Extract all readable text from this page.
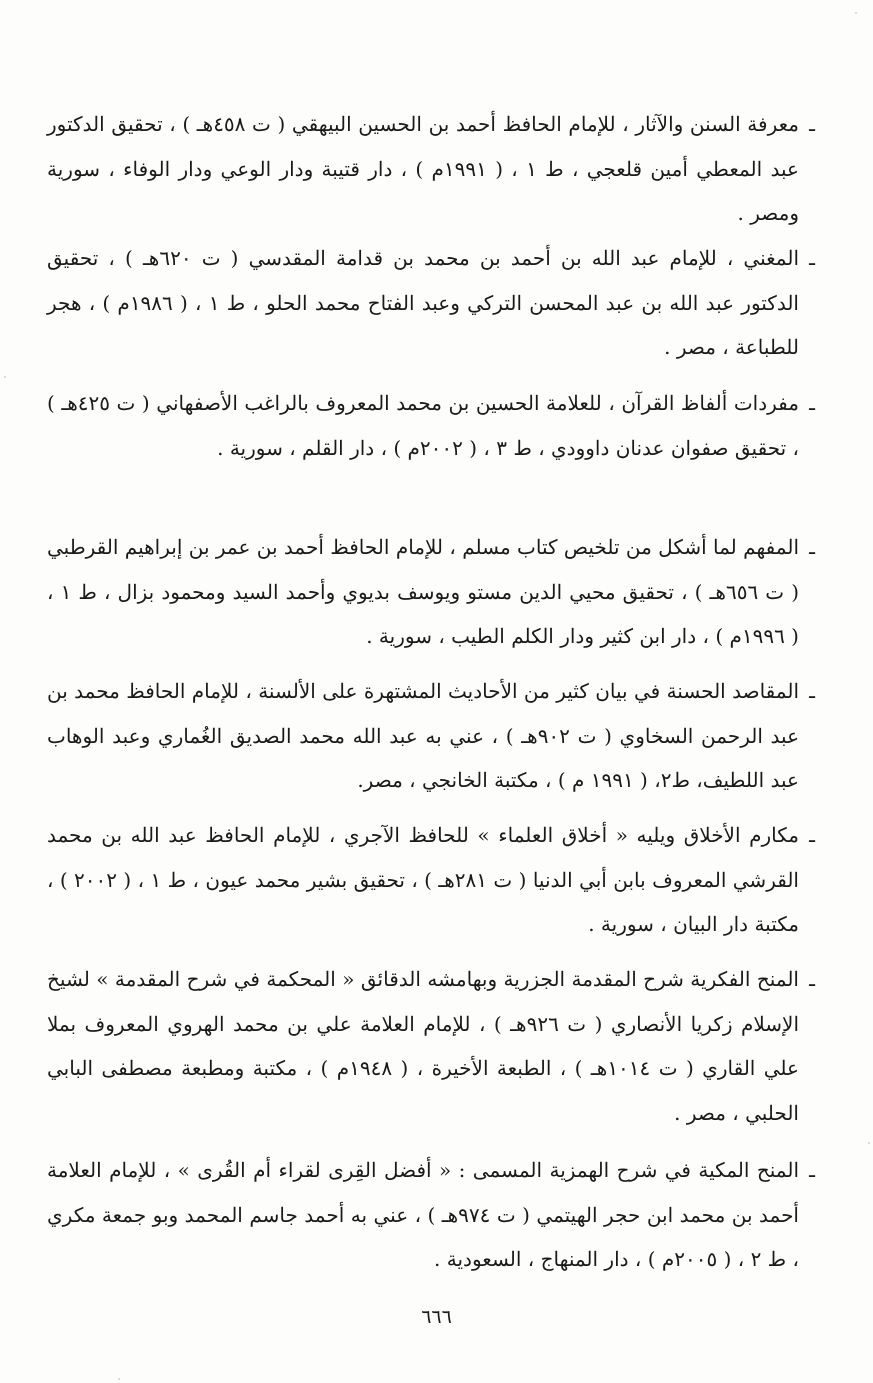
ـ
معرفة السنن والآثار ، للإمام الحافظ أحمد بن الحسين البيهقي ( ت ٤٥٨هـ ) ، تحقيق الدكتور عبد المعطي أمين قلعجي ، ط ١ ، ( ١٩٩١م ) ، دار قتيبة ودار الوعي ودار الوفاء ، سورية ومصر .

ـ
المغني ، للإمام عبد الله بن أحمد بن محمد بن قدامة المقدسي ( ت ٦٢٠هـ ) ، تحقيق الدكتور عبد الله بن عبد المحسن التركي وعبد الفتاح محمد الحلو ، ط ١ ، ( ١٩٨٦م ) ، هجر للطباعة ، مصر .

ـ
مفردات ألفاظ القرآن ، للعلامة الحسين بن محمد المعروف بالراغب الأصفهاني ( ت ٤٢٥هـ ) ، تحقيق صفوان عدنان داوودي ، ط ٣ ، ( ٢٠٠٢م ) ، دار القلم ، سورية .

ـ
المفهم لما أشكل من تلخيص كتاب مسلم ، للإمام الحافظ أحمد بن عمر بن إبراهيم القرطبي ( ت ٦٥٦هـ ) ، تحقيق محيي الدين مستو ويوسف بديوي وأحمد السيد ومحمود بزال ، ط ١ ، ( ١٩٩٦م ) ، دار ابن كثير ودار الكلم الطيب ، سورية .

ـ
المقاصد الحسنة في بيان كثير من الأحاديث المشتهرة على الألسنة ، للإمام الحافظ محمد بن عبد الرحمن السخاوي ( ت ٩٠٢هـ ) ، عني به عبد الله محمد الصديق الغُماري وعبد الوهاب عبد اللطيف، ط٢، ( ١٩٩١ م ) ، مكتبة الخانجي ، مصر.

ـ
مكارم الأخلاق ويليه « أخلاق العلماء » للحافظ الآجري ، للإمام الحافظ عبد الله بن محمد القرشي المعروف بابن أبي الدنيا ( ت ٢٨١هـ ) ، تحقيق بشير محمد عيون ، ط ١ ، ( ٢٠٠٢ ) ، مكتبة دار البيان ، سورية .

ـ
المنح الفكرية شرح المقدمة الجزرية وبهامشه الدقائق « المحكمة في شرح المقدمة » لشيخ الإسلام زكريا الأنصاري ( ت ٩٢٦هـ ) ، للإمام العلامة علي بن محمد الهروي المعروف بملا علي القاري ( ت ١٠١٤هـ ) ، الطبعة الأخيرة ، ( ١٩٤٨م ) ، مكتبة ومطبعة مصطفى البابي الحلبي ، مصر .

ـ
المنح المكية في شرح الهمزية المسمى : « أفضل القِرى لقراء أم القُرى » ، للإمام العلامة أحمد بن محمد ابن حجر الهيتمي ( ت ٩٧٤هـ ) ، عني به أحمد جاسم المحمد وبو جمعة مكري ، ط ٢ ، ( ٢٠٠٥م ) ، دار المنهاج ، السعودية .

٦٦٦
